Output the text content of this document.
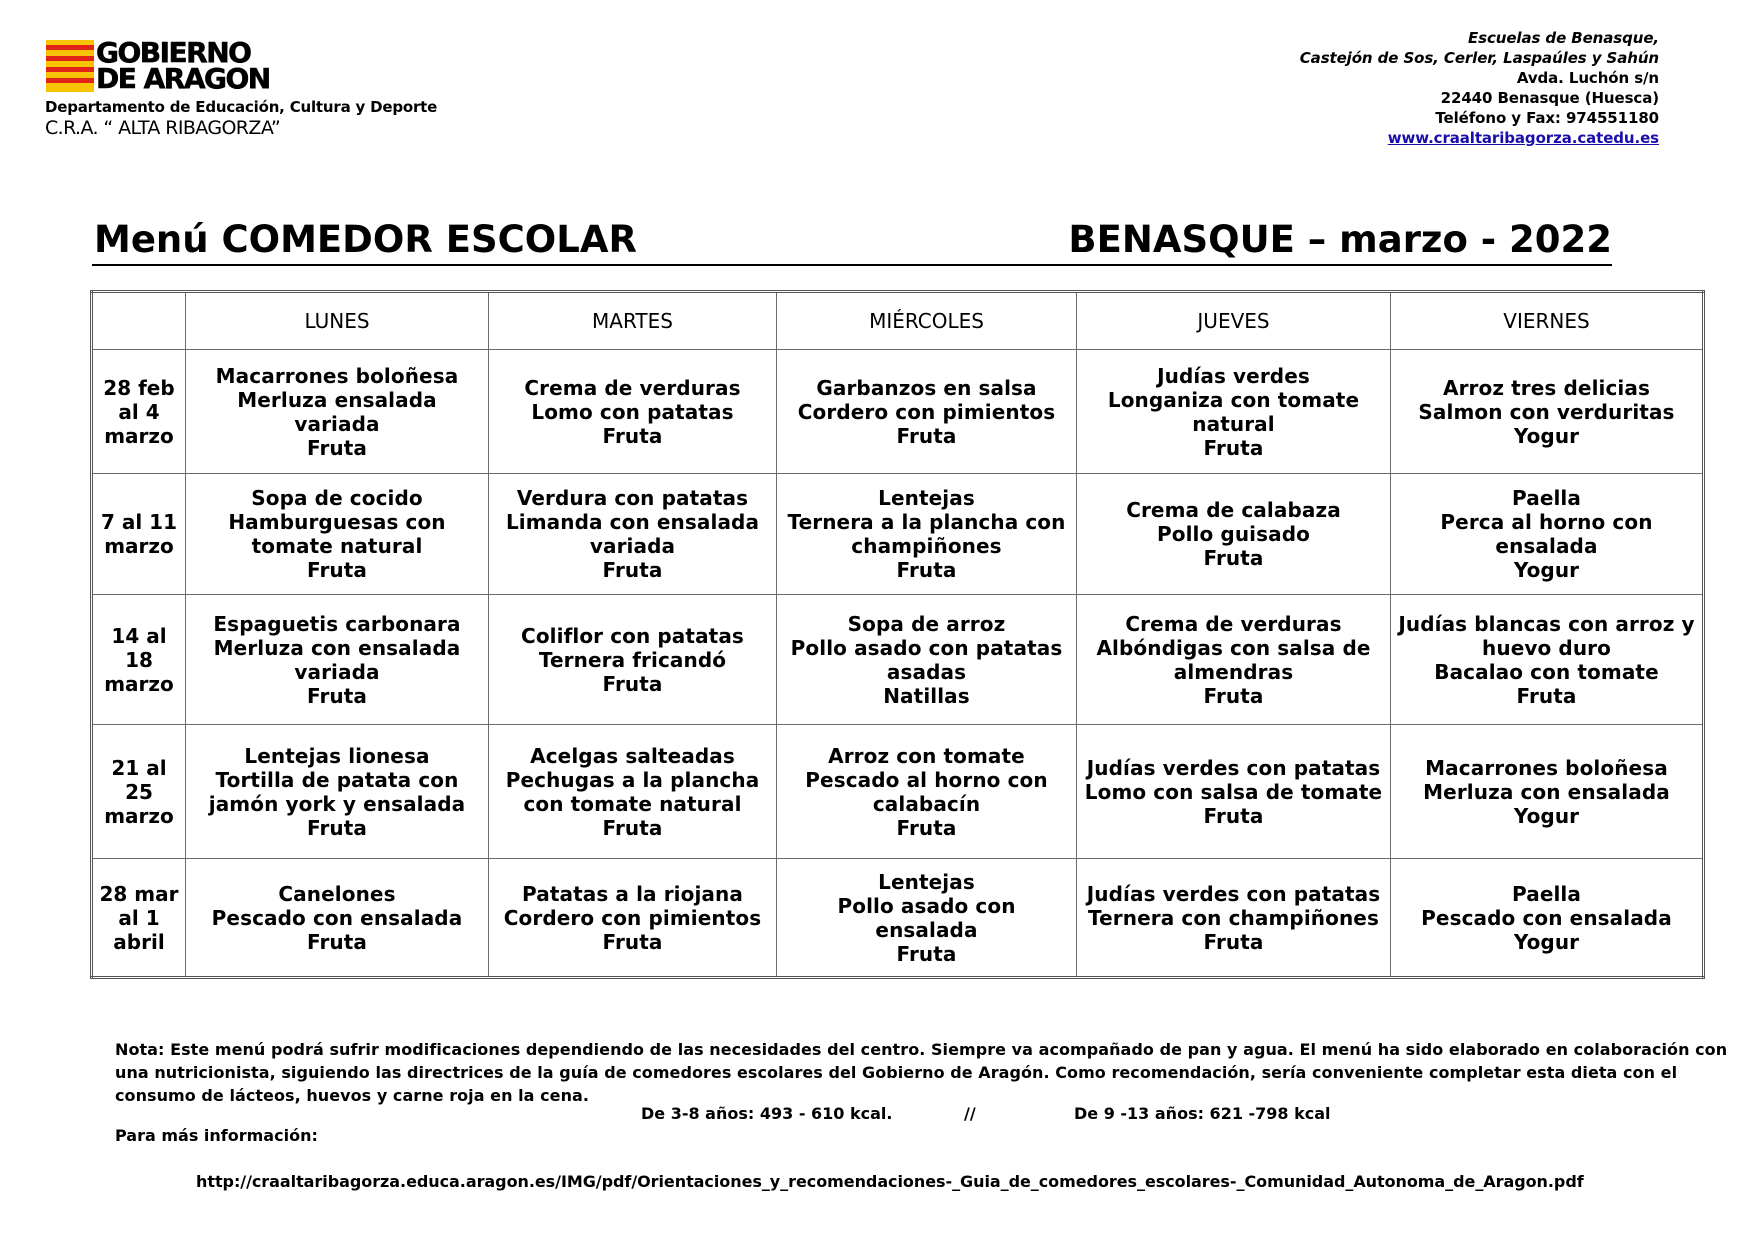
GOBIERNO
DE ARAGON
Departamento de Educación, Cultura y Deporte
C.R.A. “ ALTA RIBAGORZA”
Escuelas de Benasque,
Castejón de Sos, Cerler, Laspaúles y Sahún
Avda. Luchón s/n
22440 Benasque (Huesca)
Teléfono y Fax: 974551180
www.craaltaribagorza.catedu.es
Menú COMEDOR ESCOLAR	BENASQUE – marzo - 2022
	LUNES	MARTES	MIÉRCOLES	JUEVES	VIERNES

28 feb
al 4
marzo	Macarrones boloñesa
Merluza ensalada variada
Fruta	Crema de verduras
Lomo con patatas
Fruta	Garbanzos en salsa
Cordero con pimientos
Fruta	Judías verdes
Longaniza con tomate
natural
Fruta	Arroz tres delicias
Salmon con verduritas
Yogur

7 al 11
marzo	Sopa de cocido
Hamburguesas con
tomate natural
Fruta	Verdura con patatas
Limanda con ensalada
variada
Fruta	Lentejas
Ternera a la plancha con
champiñones
Fruta	Crema de calabaza
Pollo guisado
Fruta	Paella
Perca al horno con
ensalada
Yogur

14 al
18
marzo	Espaguetis carbonara
Merluza con ensalada
variada
Fruta	Coliflor con patatas
Ternera fricandó
Fruta	Sopa de arroz
Pollo asado con patatas
asadas
Natillas	Crema de verduras
Albóndigas con salsa de
almendras
Fruta	Judías blancas con arroz y
huevo duro
Bacalao con tomate
Fruta

21 al
25
marzo	Lentejas lionesa
Tortilla de patata con
jamón york y ensalada
Fruta	Acelgas salteadas
Pechugas a la plancha
con tomate natural
Fruta	Arroz con tomate
Pescado al horno con
calabacín
Fruta	Judías verdes con patatas
Lomo con salsa de tomate
Fruta	Macarrones boloñesa
Merluza con ensalada
Yogur

28 mar
al 1
abril	Canelones
Pescado con ensalada
Fruta	Patatas a la riojana
Cordero con pimientos
Fruta	Lentejas
Pollo asado con ensalada
Fruta	Judías verdes con patatas
Ternera con champiñones
Fruta	Paella
Pescado con ensalada
Yogur
Nota: Este menú podrá sufrir modificaciones dependiendo de las necesidades del centro. Siempre va acompañado de pan y agua. El menú ha sido elaborado en colaboración con una nutricionista, siguiendo las directrices de la guía de comedores escolares del Gobierno de Aragón. Como recomendación, sería conveniente completar esta dieta con el consumo de lácteos, huevos y carne roja en la cena.
De 3-8 años: 493 - 610 kcal.	//	De 9 -13 años: 621 -798 kcal
Para más información:
http://craaltaribagorza.educa.aragon.es/IMG/pdf/Orientaciones_y_recomendaciones-_Guia_de_comedores_escolares-_Comunidad_Autonoma_de_Aragon.pdf
